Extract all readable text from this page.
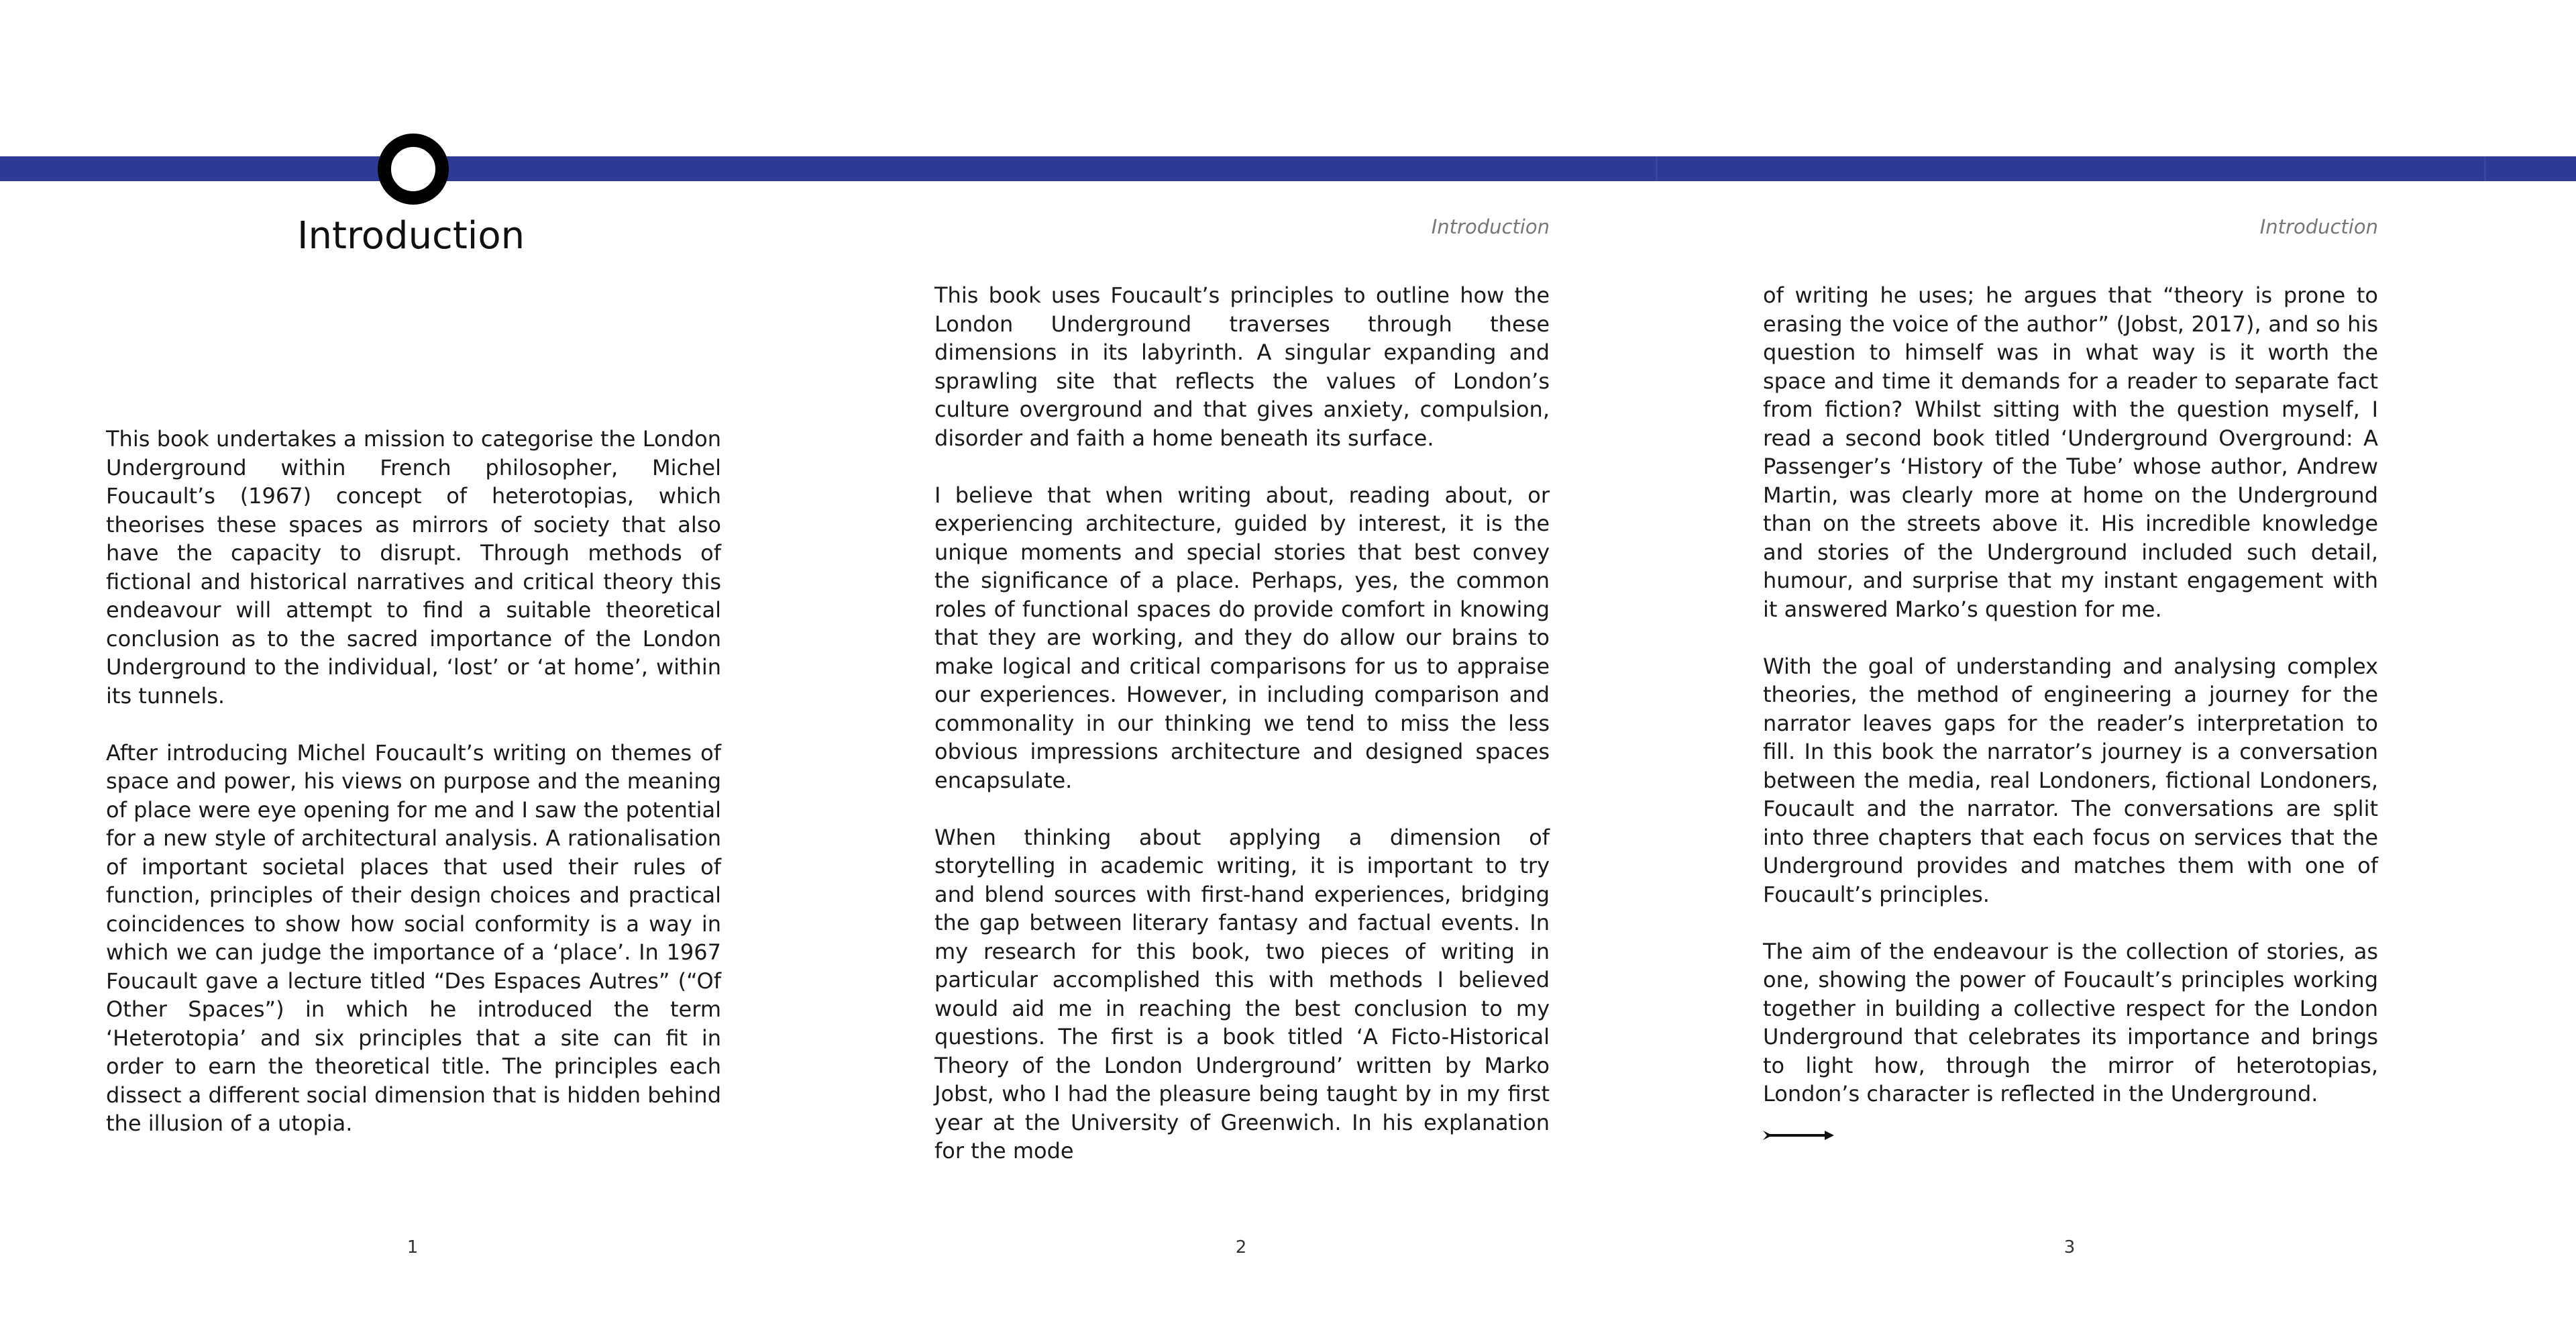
Introduction

This book undertakes a mission to categorise the London Underground within French philosopher, Michel Foucault’s (1967) concept of heterotopias, which theorises these spaces as mirrors of society that also have the capacity to disrupt. Through methods of fictional and historical narratives and critical theory this endeavour will attempt to find a suitable theoretical conclusion as to the sacred importance of the London Underground to the individual, ‘lost’ or ‘at home’, within its tunnels.

After introducing Michel Foucault’s writing on themes of space and power, his views on purpose and the meaning of place were eye opening for me and I saw the potential for a new style of architectural analysis. A rationalisation of important societal places that used their rules of function, principles of their design choices and practical coincidences to show how social conformity is a way in which we can judge the importance of a ‘place’. In 1967 Foucault gave a lecture titled “Des Espaces Autres” (“Of Other Spaces”) in which he introduced the term ‘Heterotopia’ and six principles that a site can fit in order to earn the theoretical title. The principles each dissect a different social dimension that is hidden behind the illusion of a utopia.

1
Introduction

This book uses Foucault’s principles to outline how the London Underground traverses through these dimensions in its labyrinth. A singular expanding and sprawling site that reflects the values of London’s culture overground and that gives anxiety, compulsion, disorder and faith a home beneath its surface.

I believe that when writing about, reading about, or experiencing architecture, guided by interest, it is the unique moments and special stories that best convey the significance of a place. Perhaps, yes, the common roles of functional spaces do provide comfort in knowing that they are working, and they do allow our brains to make logical and critical comparisons for us to appraise our experiences. However, in including comparison and commonality in our thinking we tend to miss the less obvious impressions architecture and designed spaces encapsulate.

When thinking about applying a dimension of storytelling in academic writing, it is important to try and blend sources with first-hand experiences, bridging the gap between literary fantasy and factual events. In my research for this book, two pieces of writing in particular accomplished this with methods I believed would aid me in reaching the best conclusion to my questions. The first is a book titled ‘A Ficto-Historical Theory of the London Underground’ written by Marko Jobst, who I had the pleasure being taught by in my first year at the University of Greenwich. In his explanation for the mode

2
Introduction

of writing he uses; he argues that “theory is prone to erasing the voice of the author” (Jobst, 2017), and so his question to himself was in what way is it worth the space and time it demands for a reader to separate fact from fiction? Whilst sitting with the question myself, I read a second book titled ‘Underground Overground: A Passenger’s ‘History of the Tube’ whose author, Andrew Martin, was clearly more at home on the Underground than on the streets above it. His incredible knowledge and stories of the Underground included such detail, humour, and surprise that my instant engagement with it answered Marko’s question for me.

With the goal of understanding and analysing complex theories, the method of engineering a journey for the narrator leaves gaps for the reader’s interpretation to fill. In this book the narrator’s journey is a conversation between the media, real Londoners, fictional Londoners, Foucault and the narrator. The conversations are split into three chapters that each focus on services that the Underground provides and matches them with one of Foucault’s principles.

The aim of the endeavour is the collection of stories, as one, showing the power of Foucault’s principles working together in building a collective respect for the London Underground that celebrates its importance and brings to light how, through the mirror of heterotopias, London’s character is reflected in the Underground.

3
